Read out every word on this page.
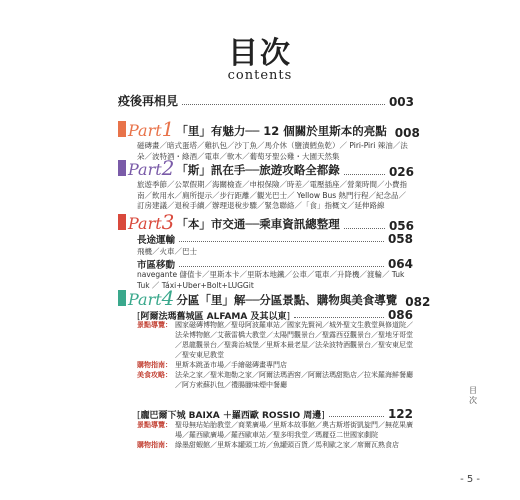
目次
contents
疫後再相見	003
Part1 「里」有魅力── 12 個關於里斯本的亮點 008
磁磚畫／暗式蛋塔／雞扒包／沙丁魚／馬介休（鹽漬鱈魚乾）／ Piri-Piri 辣油／法朵／波特酒・綠酒／電車／軟木／葡萄牙聖公雞・大園天然集
Part2 「斯」訊在手──旅遊攻略全都錄	026
旅遊季節／公眾假期／海關檢查／申根保險／時差／電壓插座／營業時間／小費指南／飲用水／廁所提示／步行距離／觀光巴士／ Yellow Bus 熱門行程／紀念品／訂房建議／退稅手續／辦理退稅步驟／緊急聯絡／「食」指概文／延伸路線
Part3 「本」市交通──乘車資訊總整理	056
長途運輸	058
飛機／火車／巴士
市區移動	064
navegante 儲值卡／里斯本卡／里斯本地鐵／公車／電車／升降機／渡輪／ Tuk Tuk ／ Táxi+Uber+Bolt+LUGGit
Part4 分區「里」解──分區景點、購物與美食導覽 082
[ 阿爾法瑪舊城區 ALFAMA 及其以東 ]	086
景點導覽： 國家磁磚博物館／聖母阿波羅車站／國家先賢祠／城外聖文生教堂與修道院／法朵博物館／艾薇雷橋大教堂／太陽門觀景台／聖露西亞觀景台／聖地牙哥堂／恩龍觀景台／聖喬治城堡／里斯本最老屋／法朵波特酒觀景台／聖安東尼堂／聖安東尼教堂
購物指南： 里斯本跳蚤市場／手繪磁磚畫專門店
美食攻略： 法朵之家／聖米迦勒之家／阿爾法瑪酒窖／阿爾法瑪甜點店／拉米羅海鮮餐廳／阿方索蘇扒包／禮腸臘味煙中餐廳
[ 龐巴爾下城 BAIXA ＋羅西歐 ROSSIO 周邊 ]	122
景點導覽： 聖母無玷始胎教堂／商業廣場／里斯本故事館／奧古斯塔街凱旋門／無花果廣場／羅西歐廣場／羅西歐車站／聖多明我堂／瑪麗亞二世國家劇院
購物指南： 綠墨甜蝦館／里斯本罐頭工坊／魚罐頭百貨／馬利歐之家／席爾瓦熟食店
目次
- 5 -
